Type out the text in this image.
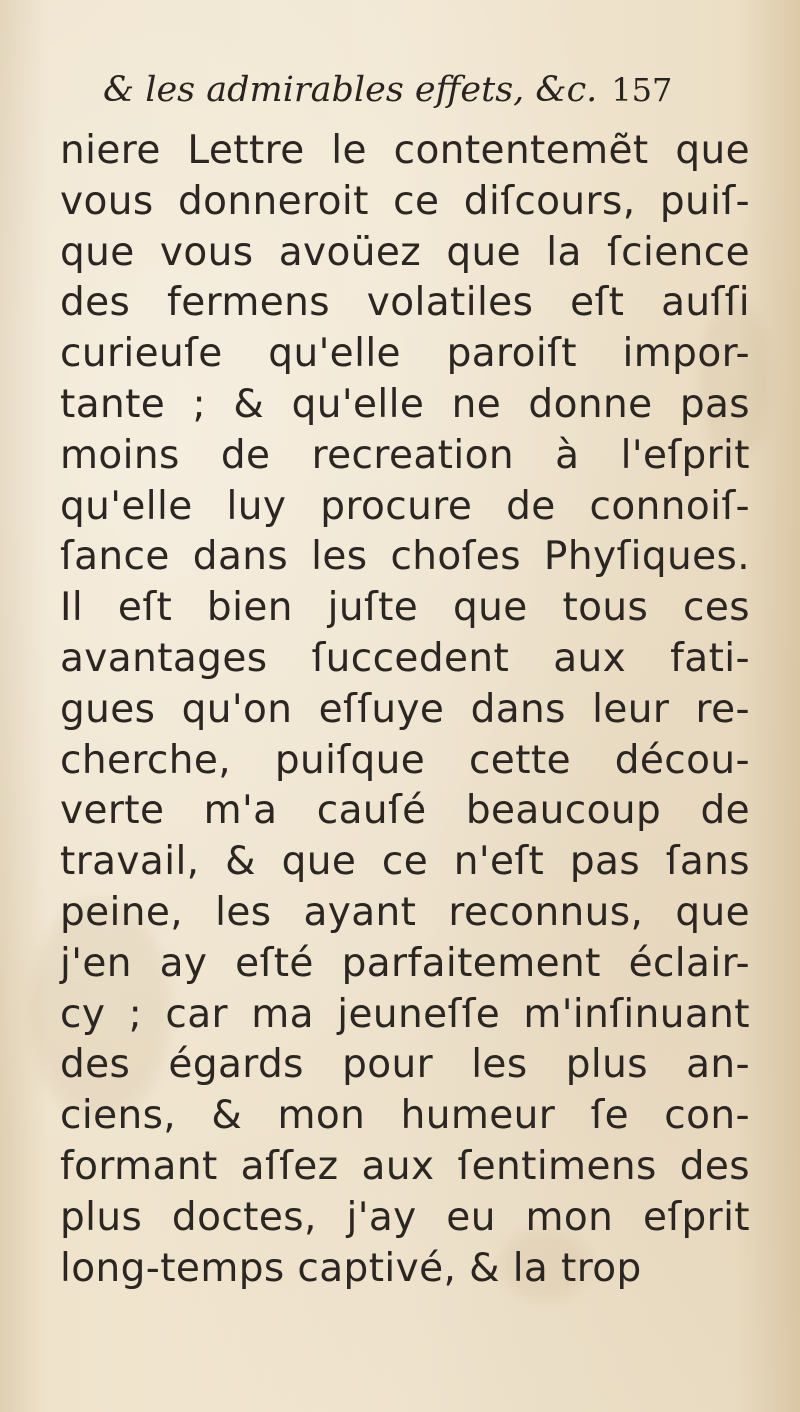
& les admirables effets, &c. 157
niere Lettre le contentemẽt que
vous donneroit ce diſcours, puiſ-
que vous avoüez que la ſcience
des fermens volatiles eſt auſſi
curieuſe qu'elle paroiſt impor-
tante ; & qu'elle ne donne pas
moins de recreation à l'eſprit
qu'elle luy procure de connoiſ-
ſance dans les choſes Phyſiques.
Il eſt bien juſte que tous ces
avantages ſuccedent aux fati-
gues qu'on eſſuye dans leur re-
cherche, puiſque cette décou-
verte m'a cauſé beaucoup de
travail, & que ce n'eſt pas ſans
peine, les ayant reconnus, que
j'en ay eſté parfaitement éclair-
cy ; car ma jeuneſſe m'inſinuant
des égards pour les plus an-
ciens, & mon humeur ſe con-
formant aſſez aux ſentimens des
plus doctes, j'ay eu mon eſprit
long-temps captivé, & la trop
